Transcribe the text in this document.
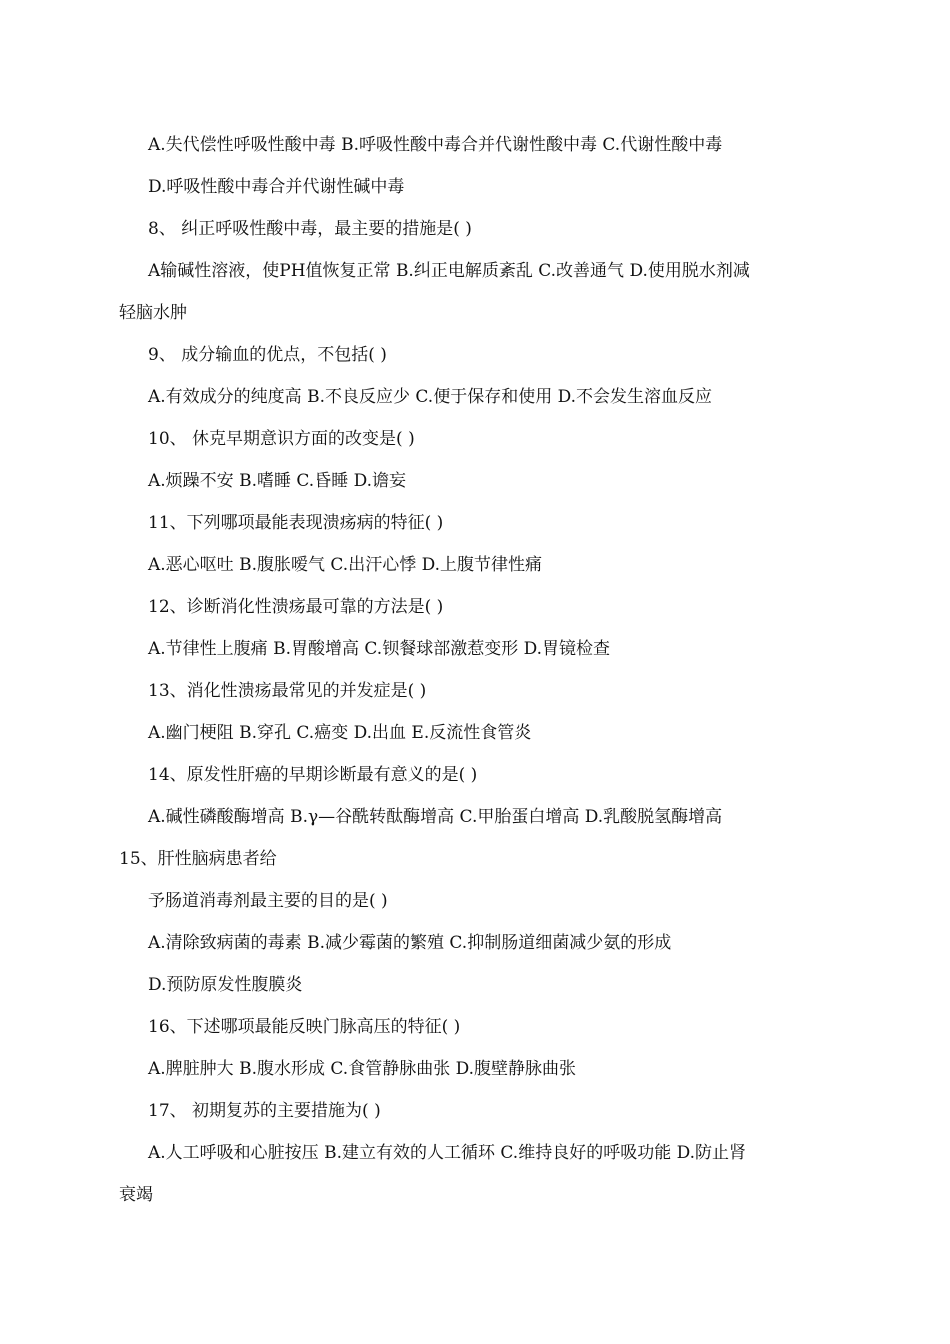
A.失代偿性呼吸性酸中毒 B.呼吸性酸中毒合并代谢性酸中毒 C.代谢性酸中毒
D.呼吸性酸中毒合并代谢性碱中毒
8、 纠正呼吸性酸中毒，最主要的措施是( )
A输碱性溶液，使PH值恢复正常 B.纠正电解质紊乱 C.改善通气 D.使用脱水剂减
轻脑水肿
9、 成分输血的优点，不包括( )
A.有效成分的纯度高 B.不良反应少 C.便于保存和使用 D.不会发生溶血反应
10、 休克早期意识方面的改变是( )
A.烦躁不安 B.嗜睡 C.昏睡 D.谵妄
11、下列哪项最能表现溃疡病的特征( )
A.恶心呕吐 B.腹胀嗳气 C.出汗心悸 D.上腹节律性痛
12、诊断消化性溃疡最可靠的方法是( )
A.节律性上腹痛 B.胃酸增高 C.钡餐球部激惹变形 D.胃镜检查
13、消化性溃疡最常见的并发症是( )
A.幽门梗阻 B.穿孔 C.癌变 D.出血 E.反流性食管炎
14、原发性肝癌的早期诊断最有意义的是( )
A.碱性磷酸酶增高 B.γ—谷酰转酞酶增高 C.甲胎蛋白增高 D.乳酸脱氢酶增高
15、肝性脑病患者给
予肠道消毒剂最主要的目的是( )
A.清除致病菌的毒素 B.减少霉菌的繁殖 C.抑制肠道细菌减少氨的形成
D.预防原发性腹膜炎
16、下述哪项最能反映门脉高压的特征( )
A.脾脏肿大 B.腹水形成 C.食管静脉曲张 D.腹壁静脉曲张
17、 初期复苏的主要措施为( )
A.人工呼吸和心脏按压 B.建立有效的人工循环 C.维持良好的呼吸功能 D.防止肾
衰竭
